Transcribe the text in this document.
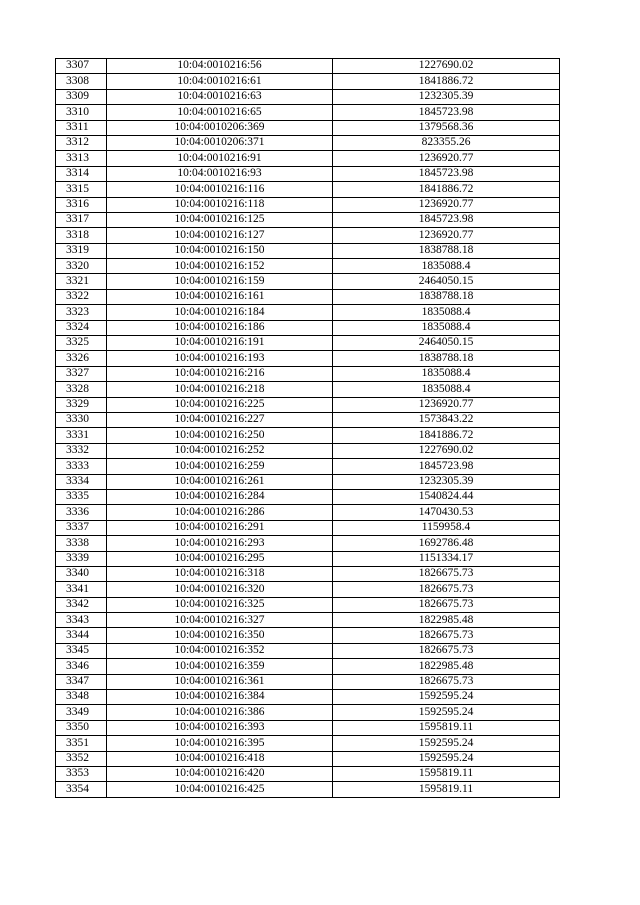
3307	10:04:0010216:56	1227690.02
3308	10:04:0010216:61	1841886.72
3309	10:04:0010216:63	1232305.39
3310	10:04:0010216:65	1845723.98
3311	10:04:0010206:369	1379568.36
3312	10:04:0010206:371	823355.26
3313	10:04:0010216:91	1236920.77
3314	10:04:0010216:93	1845723.98
3315	10:04:0010216:116	1841886.72
3316	10:04:0010216:118	1236920.77
3317	10:04:0010216:125	1845723.98
3318	10:04:0010216:127	1236920.77
3319	10:04:0010216:150	1838788.18
3320	10:04:0010216:152	1835088.4
3321	10:04:0010216:159	2464050.15
3322	10:04:0010216:161	1838788.18
3323	10:04:0010216:184	1835088.4
3324	10:04:0010216:186	1835088.4
3325	10:04:0010216:191	2464050.15
3326	10:04:0010216:193	1838788.18
3327	10:04:0010216:216	1835088.4
3328	10:04:0010216:218	1835088.4
3329	10:04:0010216:225	1236920.77
3330	10:04:0010216:227	1573843.22
3331	10:04:0010216:250	1841886.72
3332	10:04:0010216:252	1227690.02
3333	10:04:0010216:259	1845723.98
3334	10:04:0010216:261	1232305.39
3335	10:04:0010216:284	1540824.44
3336	10:04:0010216:286	1470430.53
3337	10:04:0010216:291	1159958.4
3338	10:04:0010216:293	1692786.48
3339	10:04:0010216:295	1151334.17
3340	10:04:0010216:318	1826675.73
3341	10:04:0010216:320	1826675.73
3342	10:04:0010216:325	1826675.73
3343	10:04:0010216:327	1822985.48
3344	10:04:0010216:350	1826675.73
3345	10:04:0010216:352	1826675.73
3346	10:04:0010216:359	1822985.48
3347	10:04:0010216:361	1826675.73
3348	10:04:0010216:384	1592595.24
3349	10:04:0010216:386	1592595.24
3350	10:04:0010216:393	1595819.11
3351	10:04:0010216:395	1592595.24
3352	10:04:0010216:418	1592595.24
3353	10:04:0010216:420	1595819.11
3354	10:04:0010216:425	1595819.11
